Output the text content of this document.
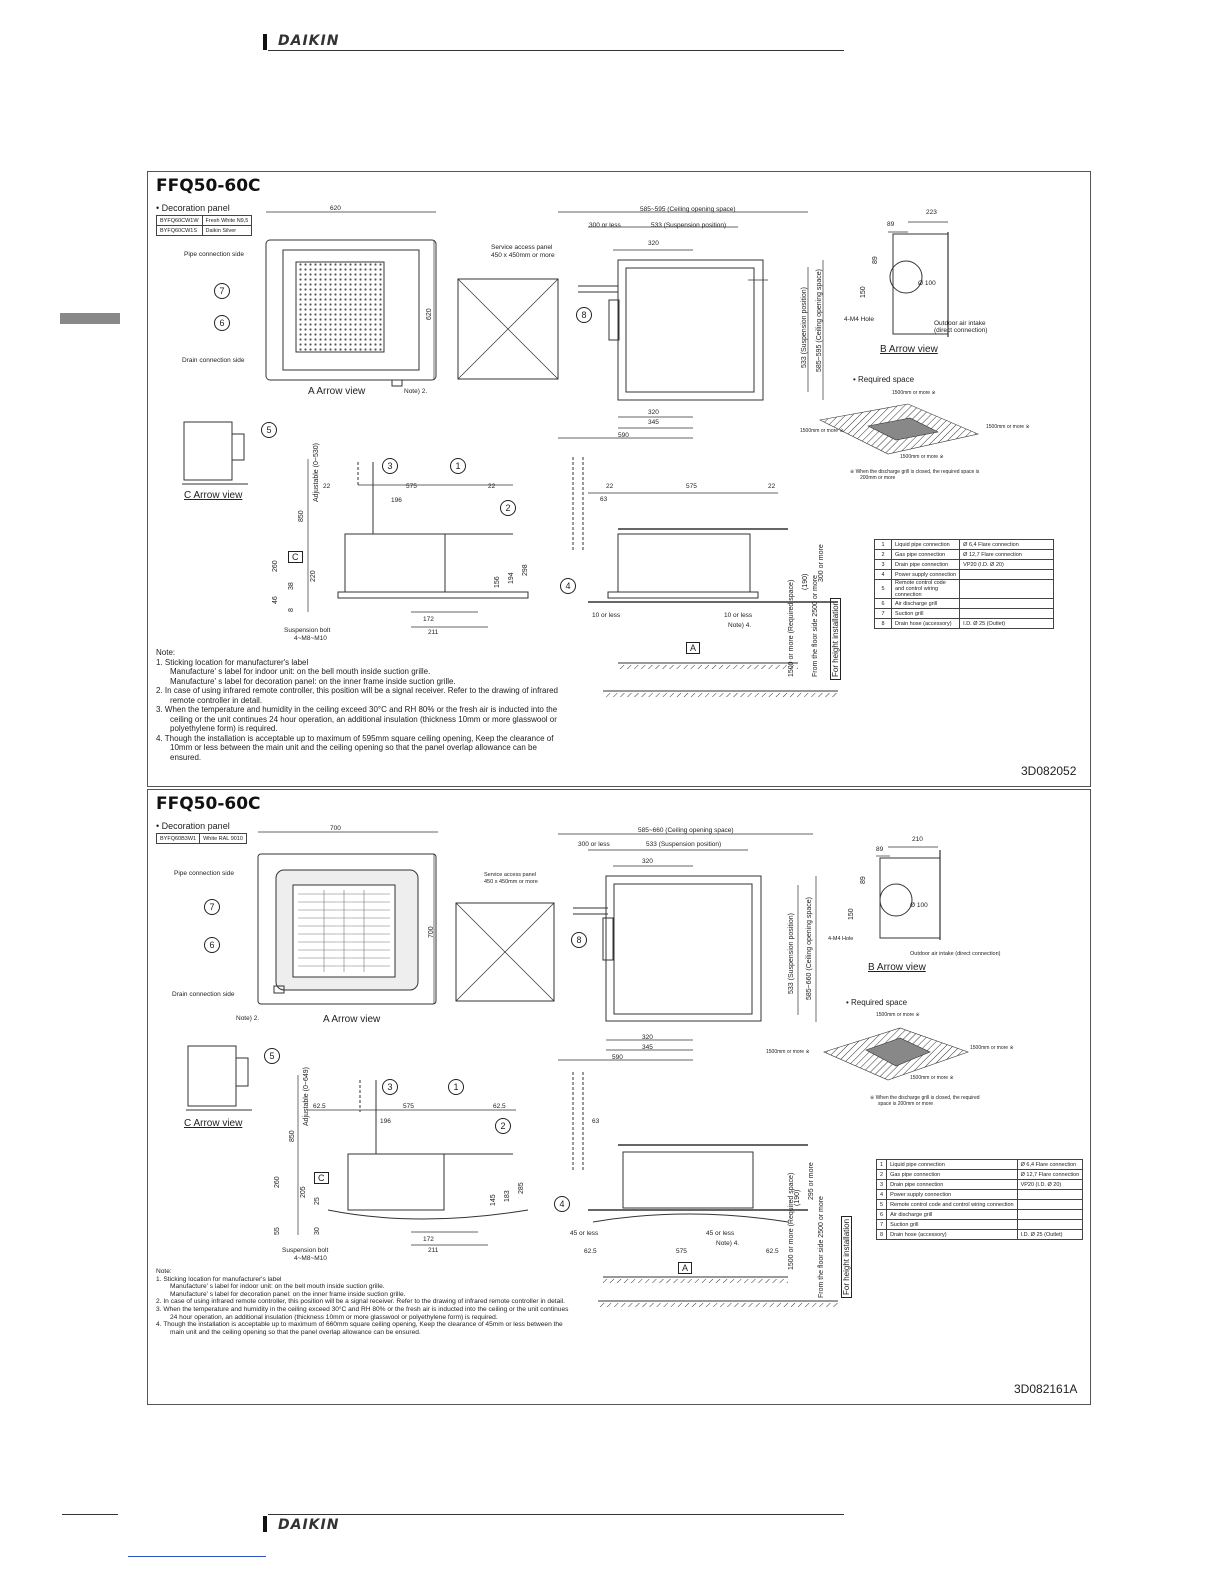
DAIKIN
FFQ50-60C
• Decoration panel
BYFQ60CW1W	Fresh White N9,5
BYFQ60CW1S	Daikin Silver
620
620
Pipe connection side
7
6
Drain connection side
A Arrow view	Note) 2.
Service access panel
450 x 450mm or more
585~595 (Ceiling opening space)
300 or less	533 (Suspension position)
320
8
320
345
590
533 (Suspension position) 585~595 (Ceiling opening space)
223
89
89
150
Ø 100
4-M4 Hole
Outdoor air intake
(direct connection)
B Arrow view
• Required space
1500mm or more ※
1500mm or more ※
1500mm or more ※
1500mm or more ※
※ When the discharge grill is closed, the required space is
200mm or more
5
C Arrow view
3	1
2
22	575	22
196
Adjustable (0~530)
850
260
220
38
46
8
C
156 194
298
172
211
Suspension bolt
4~M8~M10
22	575	22
63
4	(190) 300 or more
10 or less	10 or less
Note) 4.
A	1500 or more (Required space) From the floor side 2500 or more For height installation
1	Liquid pipe connection	Ø 6,4 Flare connection
2	Gas pipe connection	Ø 12,7 Flare connection
3	Drain pipe connection	VP20 (I.D. Ø 20)
4	Power supply connection	
5	Remote control code and control wiring connection	
6	Air discharge grill	
7	Suction grill	
8	Drain hose (accessory)	I.D. Ø 25 (Outlet)

Note:

1. Sticking location for manufacturer's label

Manufacture' s label for indoor unit: on the bell mouth inside suction grille.

Manufacture' s label for decoration panel: on the inner frame inside suction grille.

2. In case of using infrared remote controller, this position will be a signal receiver. Refer to the drawing of infrared

remote controller in detail.

3. When the temperature and humidity in the ceiling exceed 30°C and RH 80% or the fresh air is inducted into the

ceiling or the unit continues 24 hour operation, an additional insulation (thickness 10mm or more glasswool or

polyethylene form) is required.

4. Though the installation is acceptable up to maximum of 595mm square ceiling opening, Keep the clearance of

10mm or less between the main unit and the ceiling opening so that the panel overlap allowance can be

ensured.

3D082052
FFQ50-60C
• Decoration panel
BYFQ60B3W1	White RAL 9010
700
700
Pipe connection side
7
6
Drain connection side
Note) 2.	A Arrow view
Service access panel
450 x 450mm or more
585~660 (Ceiling opening space)
300 or less	533 (Suspension position)
320
8
320
345
590
533 (Suspension position) 585~660 (Ceiling opening space)
210
89
89
150
Ø 100
4-M4 Hole
Outdoor air intake (direct connection)
B Arrow view
• Required space
1500mm or more ※
1500mm or more ※
1500mm or more ※
1500mm or more ※
※ When the discharge grill is closed, the required
space is 200mm or more
5
C Arrow view
3	1
2
62.5	575	62.5
196
Adjustable (0~649)
850
260
205
25
55	30
C
145 183
285
172
211
Suspension bolt
4~M8~M10
63
4	(190) 295 or more
45 or less	45 or less
Note) 4.
62.5	575	62.5
A	1500 or more (Required space)	From the floor side 2500 or more For height installation
1	Liquid pipe connection	Ø 6,4 Flare connection
2	Gas pipe connection	Ø 12,7 Flare connection
3	Drain pipe connection	VP20 (I.D. Ø 20)
4	Power supply connection	
5	Remote control code and control wiring connection	
6	Air discharge grill	
7	Suction grill	
8	Drain hose (accessory)	I.D. Ø 25 (Outlet)

Note:

1. Sticking location for manufacturer's label

Manufacture' s label for indoor unit: on the bell mouth inside suction grille.

Manufacture' s label for decoration panel: on the inner frame inside suction grille.

2. In case of using infrared remote controller, this position will be a signal receiver. Refer to the drawing of infrared remote controller in detail.

3. When the temperature and humidity in the ceiling exceed 30°C and RH 80% or the fresh air is inducted into the ceiling or the unit continues

24 hour operation, an additional insulation (thickness 10mm or more glasswool or polyethylene form) is required.

4. Though the installation is acceptable up to maximum of 660mm square ceiling opening, Keep the clearance of 45mm or less between the

main unit and the ceiling opening so that the panel overlap allowance can be ensured.

3D082161A
DAIKIN
